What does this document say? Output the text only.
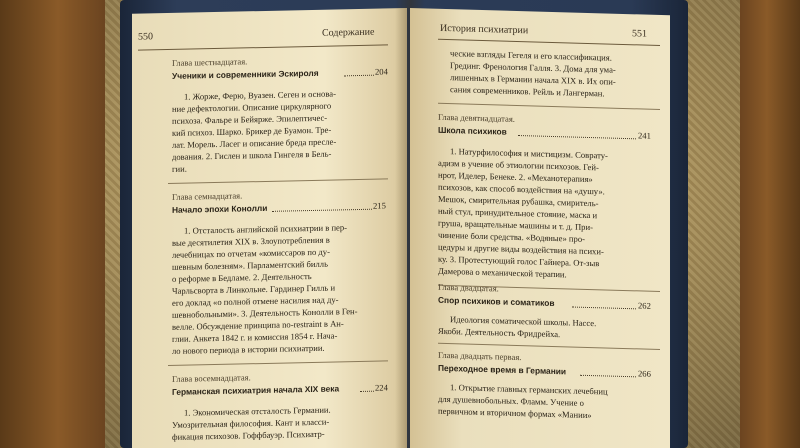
550	Содержание
Глава шестнадцатая.
Ученики и современники Эскироля	204
1. Жорже, Ферю, Вуазен. Сеген и основа-
ние дефектологии. Описание циркулярного
психоза. Фальре и Бейярже. Эпилептичес-
кий психоз. Шарко. Брикер де Буамон. Тре-
лат. Морель. Ласег и описание бреда преслe-
дования. 2. Гислен и школа Гингеля в Бель-
гии.
Глава семнадцатая.
Начало эпохи Конолли	215
1. Отсталость английской психиатрии в пер-
вые десятилетия XIX в. Злоупотребления в
лечебницах по отчетам «комиссаров по ду-
шевным болезням». Парламентский билль
о реформе в Бедламе. 2. Деятельность
Чарльсворта в Линкольне. Гардинер Гилль и
его доклад «о полной отмене насилия над ду-
шевнобольными». 3. Деятельность Конолли в Ген-
велле. Обсуждение принципа no-restraint в Ан-
глии. Анкета 1842 г. и комиссия 1854 г. Нача-
ло нового периода в истории психиатрии.
Глава восемнадцатая.
Германская психиатрия начала XIX века	224
1. Экономическая отсталость Германии.
Умозрительная философия. Кант и класси-
фикация психозов. Гоффбауэр. Психиатр-
История психиатрии	551
ческие взгляды Гегеля и его классификация.
Грединг. Френология Галля. 3. Дома для ума-
лишенных в Германии начала XIX в. Их опи-
сания современников. Рейль и Лангерман.
Глава девятнадцатая.
Школа психиков	241
1. Натурфилософия и мистицизм. Соврату-
адизм в учение об этиологии психозов. Гей-
нрот, Иделер, Бенеке. 2. «Механотерапия»
психозов, как способ воздействия на «душу».
Мешок, смирительная рубашка, смиритель-
ный стул, принудительное стояние, маска и
груша, вращательные машины и т. д. При-
чинение боли средства. «Водяные» про-
цедуры и другие виды воздействия на психи-
ку. 3. Протестующий голос Гайнерa. От-зыв
Дамерова о механической терапии.
Глава двадцатая.
Спор психиков и соматиков	262
Идеология соматической школы. Нассе.
Якоби. Деятельность Фридрейха.
Глава двадцать первая.
Переходное время в Германии	266
1. Открытие главных германских лечебниц
для душевнобольных. Фламм. Учение о
первичном и вторичном формах «Мании»
